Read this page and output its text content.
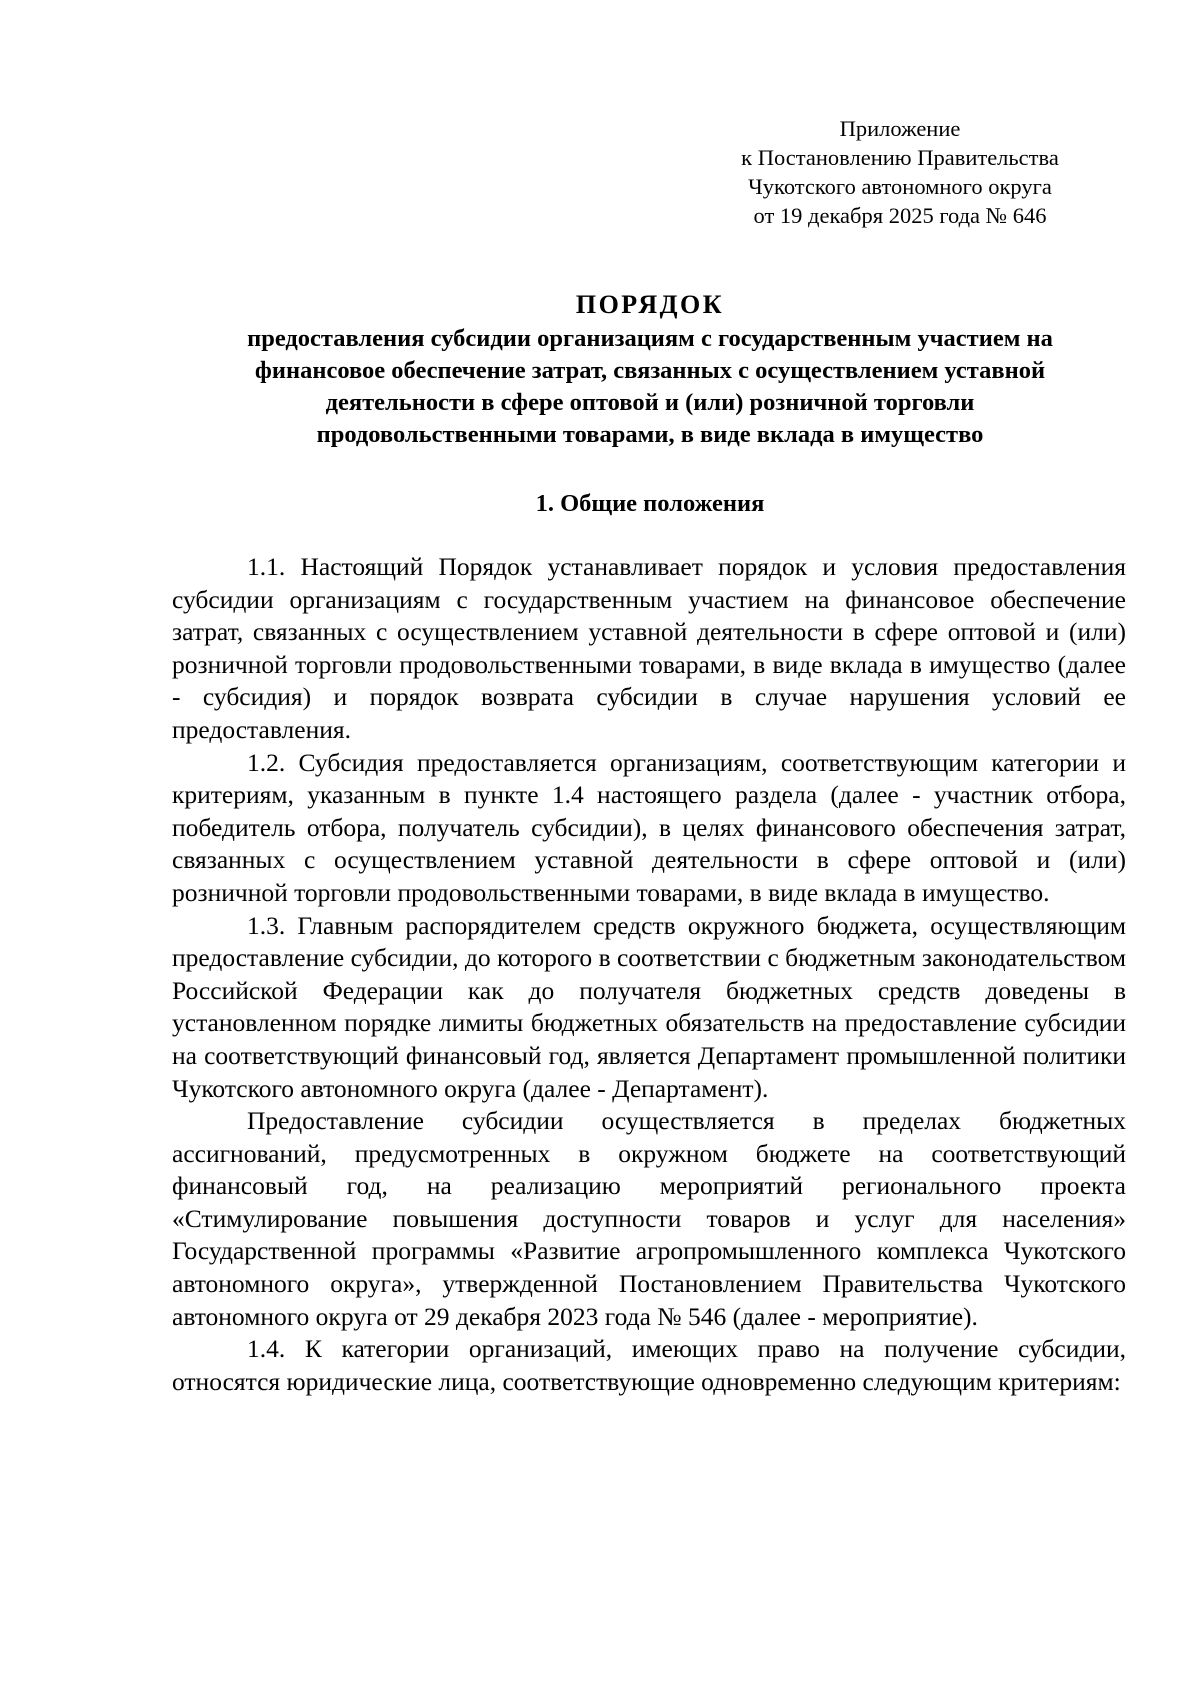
Приложение
к Постановлению Правительства
Чукотского автономного округа
от 19 декабря 2025 года № 646
ПОРЯДОК
предоставления субсидии организациям с государственным участием на
финансовое обеспечение затрат, связанных с осуществлением уставной
деятельности в сфере оптовой и (или) розничной торговли
продовольственными товарами, в виде вклада в имущество
1. Общие положения

1.1. Настоящий Порядок устанавливает порядок и условия предоставления субсидии организациям с государственным участием на финансовое обеспечение затрат, связанных с осуществлением уставной деятельности в сфере оптовой и (или) розничной торговли продовольственными товарами, в виде вклада в имущество (далее - субсидия) и порядок возврата субсидии в случае нарушения условий ее предоставления.

1.2. Субсидия предоставляется организациям, соответствующим категории и критериям, указанным в пункте 1.4 настоящего раздела (далее - участник отбора, победитель отбора, получатель субсидии), в целях финансового обеспечения затрат, связанных с осуществлением уставной деятельности в сфере оптовой и (или) розничной торговли продовольственными товарами, в виде вклада в имущество.

1.3. Главным распорядителем средств окружного бюджета, осуществляющим предоставление субсидии, до которого в соответствии с бюджетным законодательством Российской Федерации как до получателя бюджетных средств доведены в установленном порядке лимиты бюджетных обязательств на предоставление субсидии на соответствующий финансовый год, является Департамент промышленной политики Чукотского автономного округа (далее - Департамент).

Предоставление субсидии осуществляется в пределах бюджетных ассигнований, предусмотренных в окружном бюджете на соответствующий финансовый год, на реализацию мероприятий регионального проекта «Стимулирование повышения доступности товаров и услуг для населения» Государственной программы «Развитие агропромышленного комплекса Чукотского автономного округа», утвержденной Постановлением Правительства Чукотского автономного округа от 29 декабря 2023 года № 546 (далее - мероприятие).

1.4. К категории организаций, имеющих право на получение субсидии, относятся юридические лица, соответствующие одновременно следующим критериям:
